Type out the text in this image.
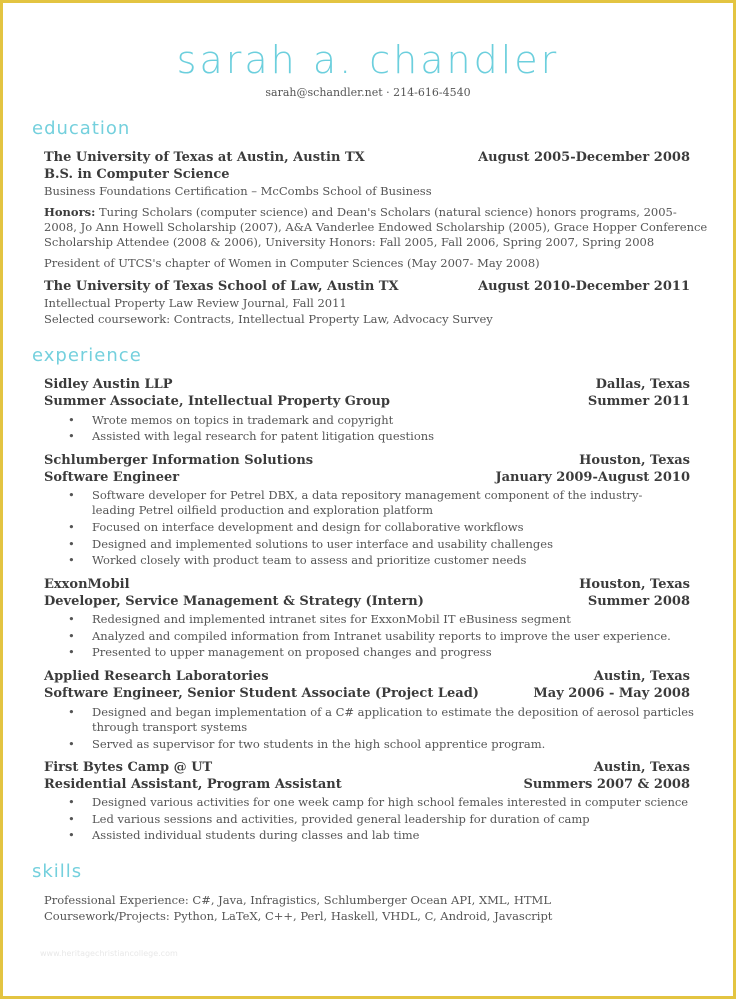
sarah a. chandler
sarah@schandler.net · 214-616-4540
education
The University of Texas at Austin, Austin TX	August 2005-December 2008
B.S. in Computer Science
Business Foundations Certification – McCombs School of Business
Honors: Turing Scholars (computer science) and Dean's Scholars (natural science) honors programs, 2005-
2008, Jo Ann Howell Scholarship (2007), A&A Vanderlee Endowed Scholarship (2005), Grace Hopper Conference
Scholarship Attendee (2008 & 2006), University Honors: Fall 2005, Fall 2006, Spring 2007, Spring 2008
President of UTCS's chapter of Women in Computer Sciences (May 2007- May 2008)
The University of Texas School of Law, Austin TX	August 2010-December 2011
Intellectual Property Law Review Journal, Fall 2011
Selected coursework: Contracts, Intellectual Property Law, Advocacy Survey
experience
Sidley Austin LLP	Dallas, Texas
Summer Associate, Intellectual Property Group	Summer 2011
• Wrote memos on topics in trademark and copyright
• Assisted with legal research for patent litigation questions
Schlumberger Information Solutions	Houston, Texas
Software Engineer	January 2009-August 2010
• Software developer for Petrel DBX, a data repository management component of the industry-
leading Petrel oilfield production and exploration platform
• Focused on interface development and design for collaborative workflows
• Designed and implemented solutions to user interface and usability challenges
• Worked closely with product team to assess and prioritize customer needs
ExxonMobil	Houston, Texas
Developer, Service Management & Strategy (Intern)	Summer 2008
• Redesigned and implemented intranet sites for ExxonMobil IT eBusiness segment
• Analyzed and compiled information from Intranet usability reports to improve the user experience.
• Presented to upper management on proposed changes and progress
Applied Research Laboratories	Austin, Texas
Software Engineer, Senior Student Associate (Project Lead)	May 2006 - May 2008
• Designed and began implementation of a C# application to estimate the deposition of aerosol particles
through transport systems
• Served as supervisor for two students in the high school apprentice program.
First Bytes Camp @ UT	Austin, Texas
Residential Assistant, Program Assistant	Summers 2007 & 2008
• Designed various activities for one week camp for high school females interested in computer science
• Led various sessions and activities, provided general leadership for duration of camp
• Assisted individual students during classes and lab time
skills
Professional Experience: C#, Java, Infragistics, Schlumberger Ocean API, XML, HTML
Coursework/Projects: Python, LaTeX, C++, Perl, Haskell, VHDL, C, Android, Javascript
www.heritagechristiancollege.com
